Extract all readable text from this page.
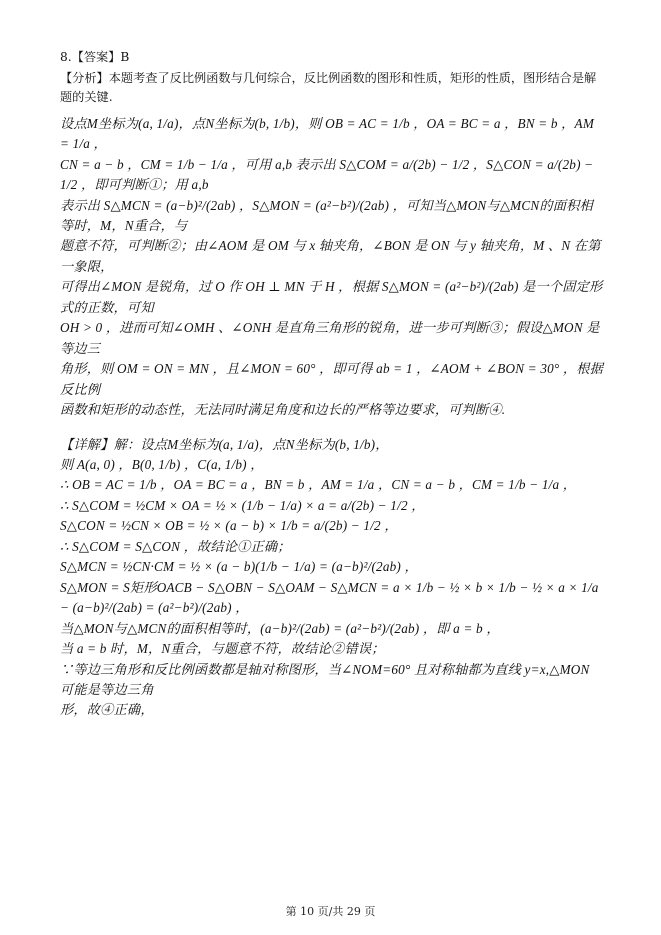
8.【答案】B

【分析】本题考查了反比例函数与几何综合，反比例函数的图形和性质，矩形的性质，图形结合是解题的关键.

设点M坐标为(a, 1/a)，点N坐标为(b, 1/b)，则 OB = AC = 1/b ，OA = BC = a ，BN = b ，AM = 1/a ，

CN = a − b ，CM = 1/b − 1/a ，可用 a,b 表示出 S△COM = a/(2b) − 1/2 ，S△CON = a/(2b) − 1/2 ，即可判断①；用 a,b

表示出 S△MCN = (a−b)²/(2ab) ，S△MON = (a²−b²)/(2ab) ，可知当△MON与△MCN的面积相等时，M，N重合，与

题意不符，可判断②；由∠AOM 是 OM 与 x 轴夹角，∠BON 是 ON 与 y 轴夹角，M 、N 在第一象限，

可得出∠MON 是锐角，过 O 作 OH ⊥ MN 于 H ，根据 S△MON = (a²−b²)/(2ab) 是一个固定形式的正数，可知

OH > 0 ，进而可知∠OMH 、∠ONH 是直角三角形的锐角，进一步可判断③；假设△MON 是等边三

角形，则 OM = ON = MN ，且∠MON = 60° ，即可得 ab = 1 ，∠AOM + ∠BON = 30° ，根据反比例

函数和矩形的动态性，无法同时满足角度和边长的严格等边要求，可判断④.

【详解】解：设点M坐标为(a, 1/a)，点N坐标为(b, 1/b)，

则 A(a, 0) ，B(0, 1/b) ，C(a, 1/b) ，

∴ OB = AC = 1/b ，OA = BC = a ，BN = b ，AM = 1/a ，CN = a − b ，CM = 1/b − 1/a ，

∴ S△COM = ½CM × OA = ½ × (1/b − 1/a) × a = a/(2b) − 1/2 ，

S△CON = ½CN × OB = ½ × (a − b) × 1/b = a/(2b) − 1/2 ，

∴ S△COM = S△CON ，故结论①正确；

S△MCN = ½CN·CM = ½ × (a − b)(1/b − 1/a) = (a−b)²/(2ab) ，

S△MON = S矩形OACB − S△OBN − S△OAM − S△MCN = a × 1/b − ½ × b × 1/b − ½ × a × 1/a − (a−b)²/(2ab) = (a²−b²)/(2ab) ，

当△MON与△MCN的面积相等时，(a−b)²/(2ab) = (a²−b²)/(2ab) ，即 a = b ，

当 a = b 时，M，N重合，与题意不符，故结论②错误；

∵等边三角形和反比例函数都是轴对称图形，当∠NOM=60° 且对称轴都为直线 y=x,△MON 可能是等边三角

形，故④正确，

第 10 页/共 29 页
